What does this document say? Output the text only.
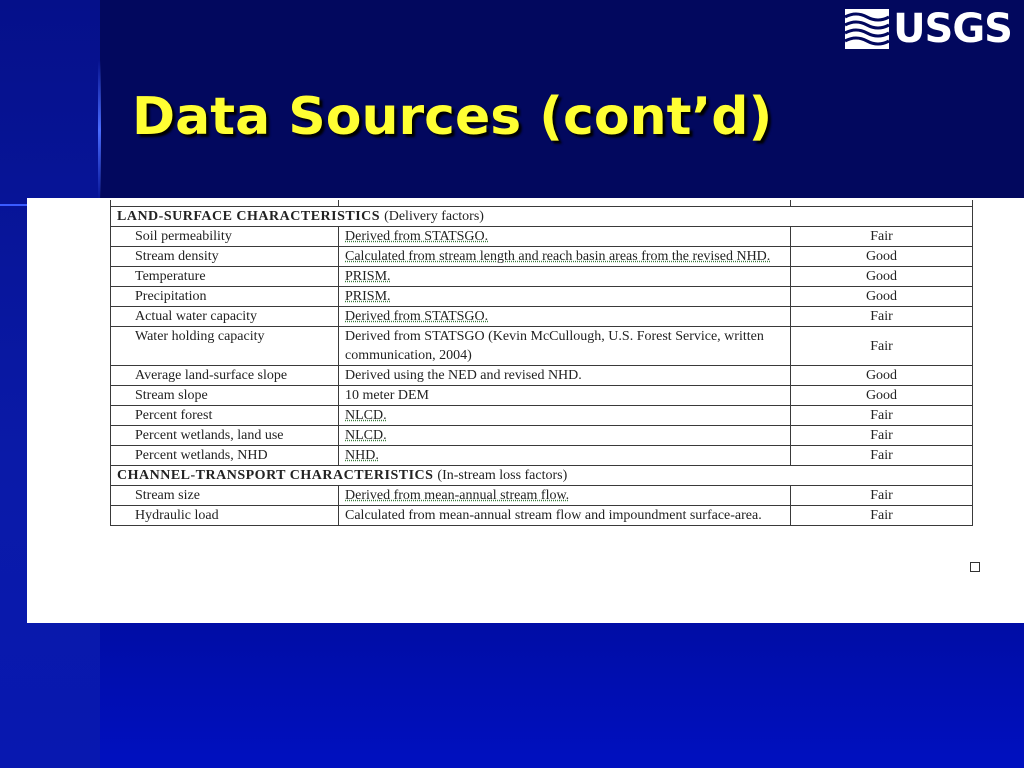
USGS
Data Sources (cont’d)

LAND-SURFACE CHARACTERISTICS (Delivery factors)		
Soil permeability	Derived from STATSGO.	Fair
Stream density	Calculated from stream length and reach basin areas from the revised NHD.	Good
Temperature	PRISM.	Good
Precipitation	PRISM.	Good
Actual water capacity	Derived from STATSGO.	Fair
Water holding capacity	Derived from STATSGO (Kevin McCullough, U.S. Forest Service, written communication, 2004)	Fair
Average land-surface slope	Derived using the NED and revised NHD.	Good
Stream slope	10 meter DEM	Good
Percent forest	NLCD.	Fair
Percent wetlands, land use	NLCD.	Fair
Percent wetlands, NHD	NHD.	Fair
CHANNEL-TRANSPORT CHARACTERISTICS (In-stream loss factors)		
Stream size	Derived from mean-annual stream flow.	Fair
Hydraulic load	Calculated from mean-annual stream flow and impoundment surface-area.	Fair
